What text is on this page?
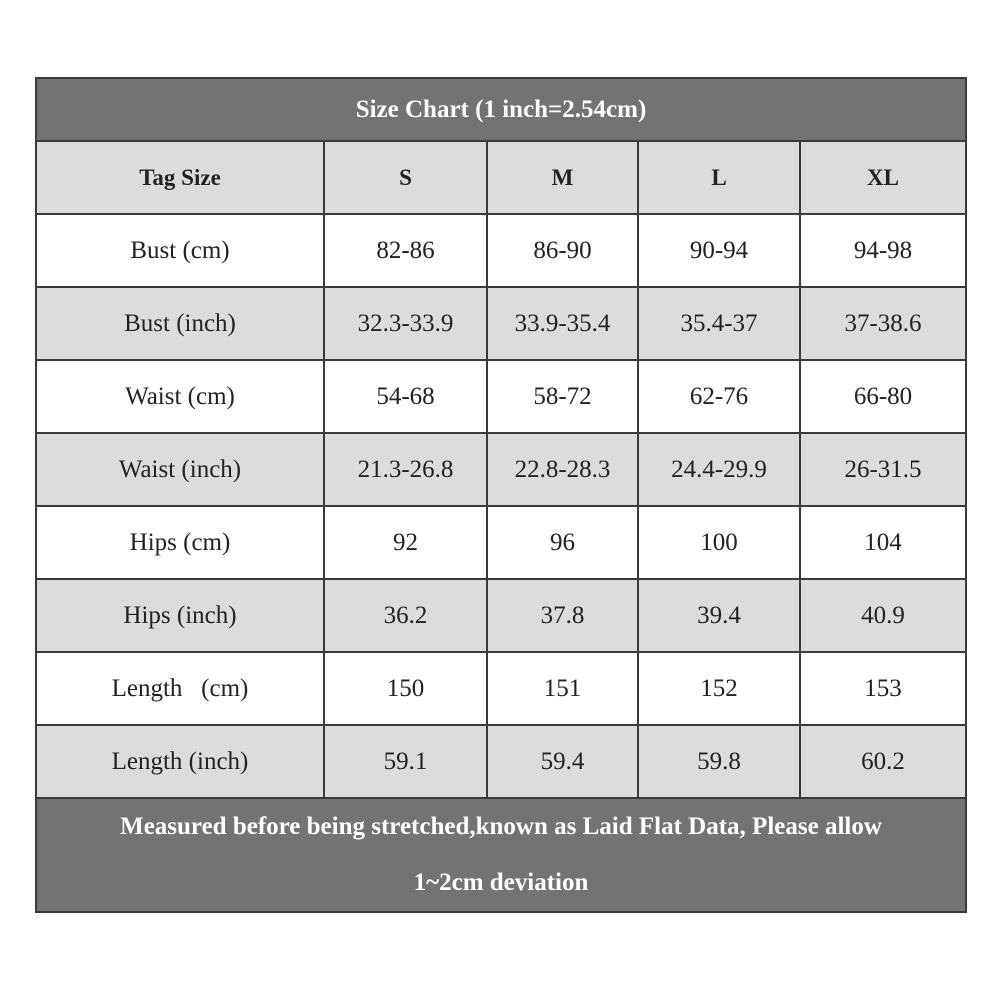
Size Chart (1 inch=2.54cm)
Tag Size	S	M	L	XL
Bust (cm)	82-86	86-90	90-94	94-98
Bust (inch)	32.3-33.9	33.9-35.4	35.4-37	37-38.6
Waist (cm)	54-68	58-72	62-76	66-80
Waist (inch)	21.3-26.8	22.8-28.3	24.4-29.9	26-31.5
Hips (cm)	92	96	100	104
Hips (inch)	36.2	37.8	39.4	40.9
Length   (cm)	150	151	152	153
Length (inch)	59.1	59.4	59.8	60.2
Measured before being stretched,known as Laid Flat Data, Please allow
1~2cm deviation
